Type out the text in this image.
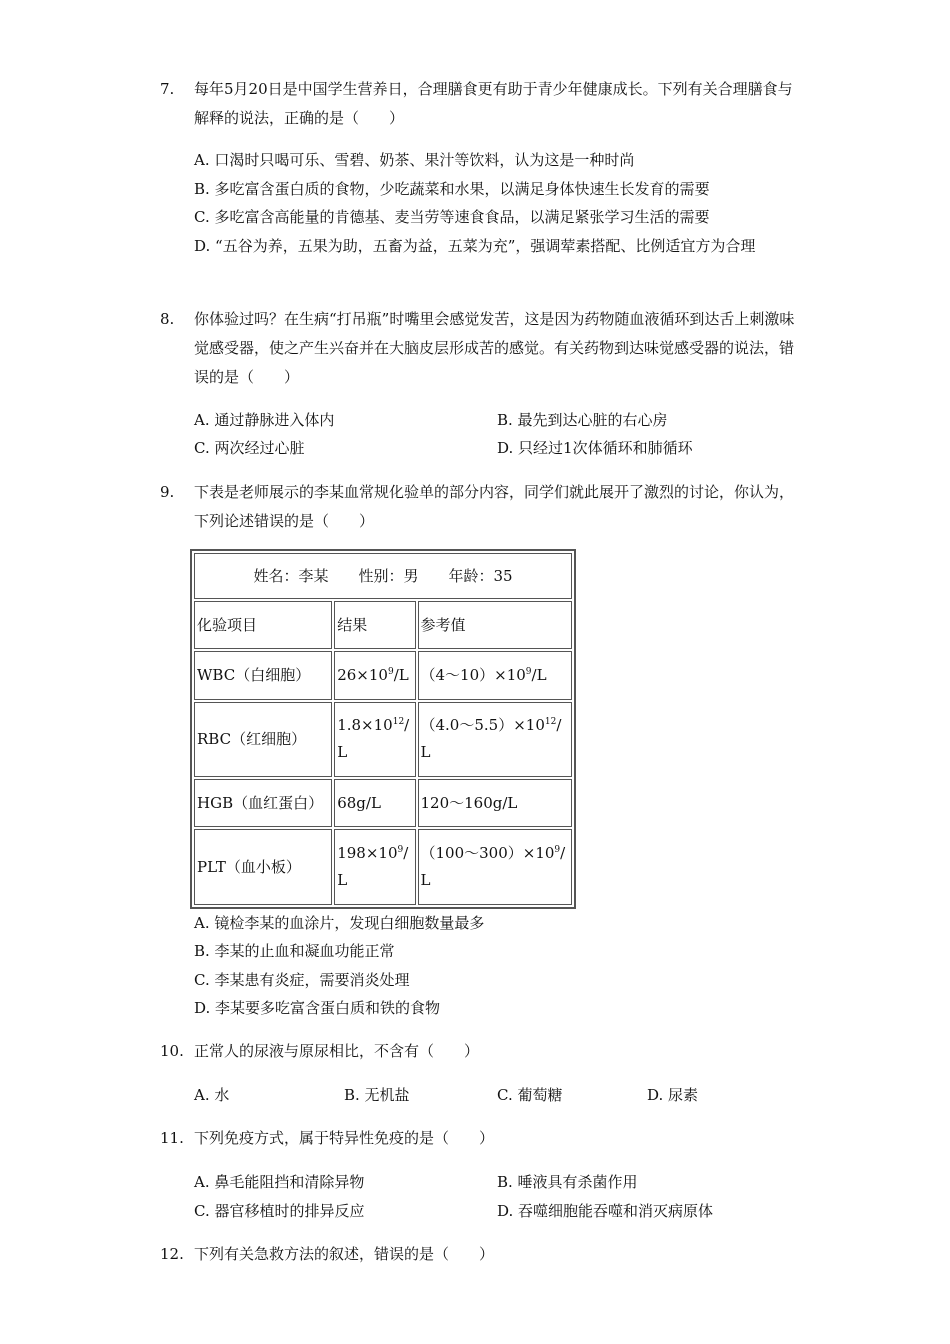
7. 每年5月20日是中国学生营养日，合理膳食更有助于青少年健康成长。下列有关合理膳食与解释的说法，正确的是（　　）
A. 口渴时只喝可乐、雪碧、奶茶、果汁等饮料，认为这是一种时尚
B. 多吃富含蛋白质的食物，少吃蔬菜和水果，以满足身体快速生长发育的需要
C. 多吃富含高能量的肯德基、麦当劳等速食食品，以满足紧张学习生活的需要
D. “五谷为养，五果为助，五畜为益，五菜为充”，强调荤素搭配、比例适宜方为合理
8. 你体验过吗？在生病“打吊瓶”时嘴里会感觉发苦，这是因为药物随血液循环到达舌上刺激味觉感受器，使之产生兴奋并在大脑皮层形成苦的感觉。有关药物到达味觉感受器的说法，错误的是（　　）
A. 通过静脉进入体内	B. 最先到达心脏的右心房
C. 两次经过心脏	D. 只经过1次体循环和肺循环
9. 下表是老师展示的李某血常规化验单的部分内容，同学们就此展开了激烈的讨论，你认为，下列论述错误的是（　　）
姓名：李某 性别：男 年龄：35		
化验项目	结果	参考值
WBC（白细胞）	$26\times 10^9/L$	$(4\sim 10)\times 10^9/L$
RBC（红细胞）	$1.8\times 10^{12}/L$	$(4.0\sim 5.5)\times 10^{12}/L$
HGB（血红蛋白）	68g/L	120～160g/L
PLT（血小板）	$198\times 10^9/L$	$(100\sim 300)\times 10^9/L$
A. 镜检李某的血涂片，发现白细胞数量最多
B. 李某的止血和凝血功能正常
C. 李某患有炎症，需要消炎处理
D. 李某要多吃富含蛋白质和铁的食物
10. 正常人的尿液与原尿相比，不含有（　　）
A. 水	B. 无机盐	C. 葡萄糖	D. 尿素
11. 下列免疫方式，属于特异性免疫的是（　　）
A. 鼻毛能阻挡和清除异物	B. 唾液具有杀菌作用
C. 器官移植时的排异反应	D. 吞噬细胞能吞噬和消灭病原体
12. 下列有关急救方法的叙述，错误的是（　　）
